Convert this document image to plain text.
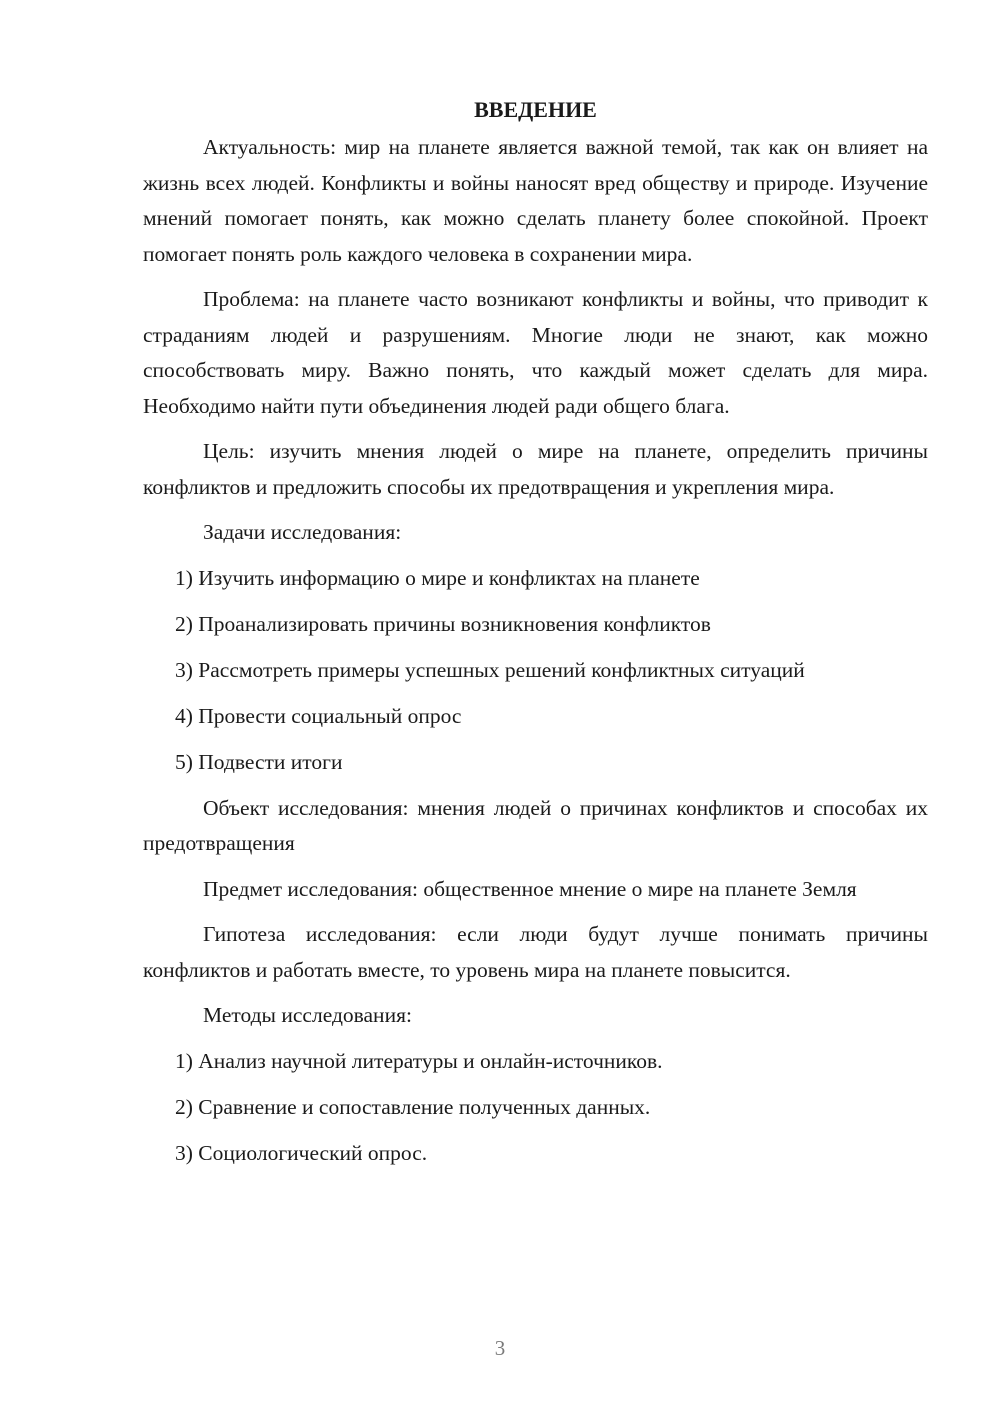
ВВЕДЕНИЕ

Актуальность: мир на планете является важной темой, так как он влияет на жизнь всех людей. Конфликты и войны наносят вред обществу и природе. Изучение мнений помогает понять, как можно сделать планету более спокойной. Проект помогает понять роль каждого человека в сохранении мира.

Проблема: на планете часто возникают конфликты и войны, что приводит к страданиям людей и разрушениям. Многие люди не знают, как можно способствовать миру. Важно понять, что каждый может сделать для мира. Необходимо найти пути объединения людей ради общего блага.

Цель: изучить мнения людей о мире на планете, определить причины конфликтов и предложить способы их предотвращения и укрепления мира.

Задачи исследования:
1) Изучить информацию о мире и конфликтах на планете
2) Проанализировать причины возникновения конфликтов
3) Рассмотреть примеры успешных решений конфликтных ситуаций
4) Провести социальный опрос
5) Подвести итоги

Объект исследования: мнения людей о причинах конфликтов и способах их предотвращения

Предмет исследования: общественное мнение о мире на планете Земля

Гипотеза исследования: если люди будут лучше понимать причины конфликтов и работать вместе, то уровень мира на планете повысится.

Методы исследования:
1) Анализ научной литературы и онлайн-источников.
2) Сравнение и сопоставление полученных данных.
3) Социологический опрос.
3
